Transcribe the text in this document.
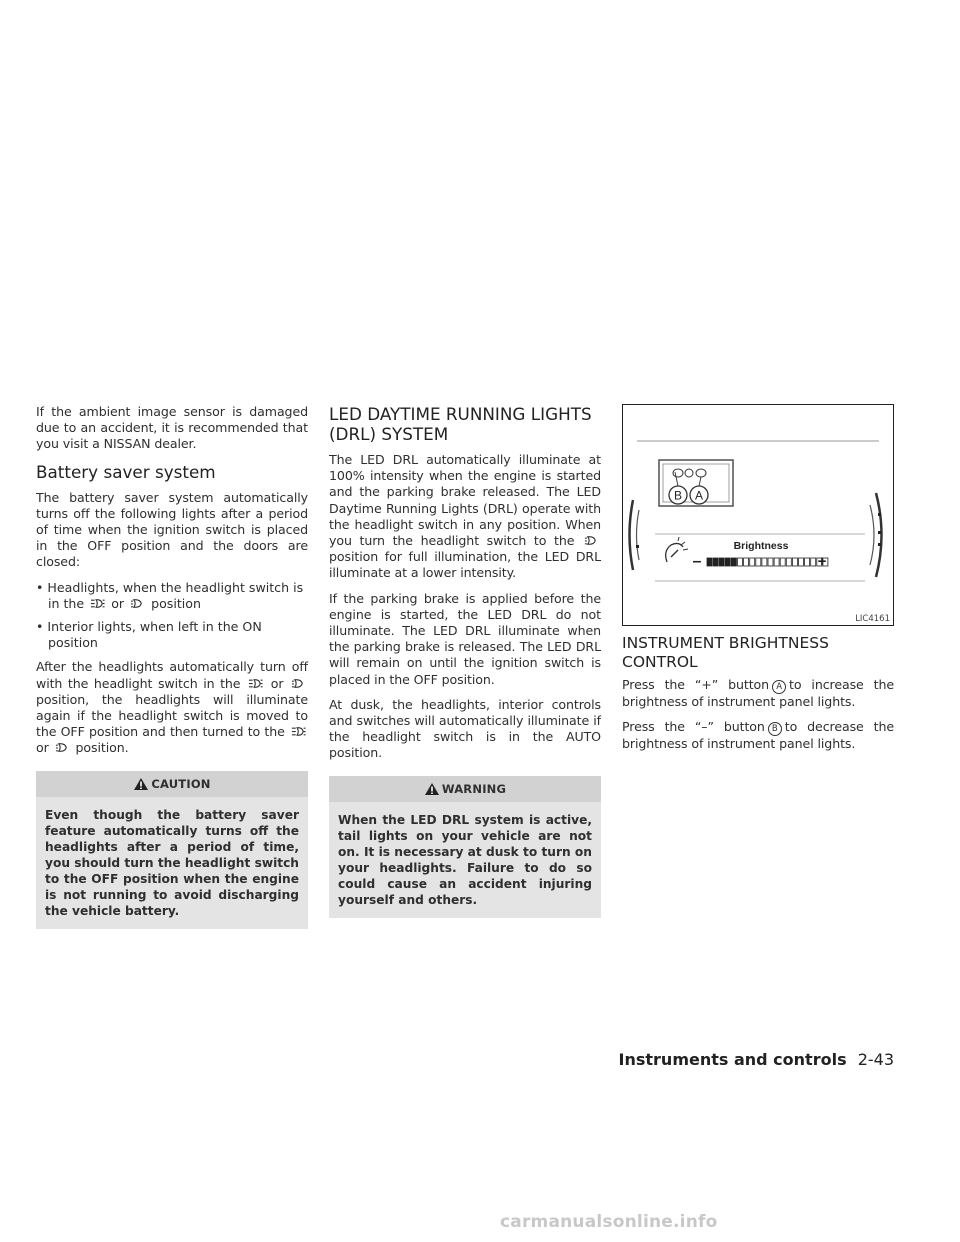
If the ambient image sensor is damaged due to an accident, it is recommended that you visit a NISSAN dealer.

Battery saver system

The battery saver system automatically turns off the following lights after a period of time when the ignition switch is placed in the OFF position and the doors are closed:

• Headlights, when the headlight switch is in the or position
• Interior lights, when left in the ON position

After the headlights automatically turn off with the headlight switch in the or  position, the headlights will illuminate again if the headlight switch is moved to the OFF position and then turned to the  or position.

CAUTION
Even though the battery saver feature automatically turns off the headlights after a period of time, you should turn the headlight switch to the OFF position when the engine is not running to avoid discharging the vehicle battery.
LED DAYTIME RUNNING LIGHTS (DRL) SYSTEM

The LED DRL automatically illuminate at 100% intensity when the engine is started and the parking brake released. The LED Daytime Running Lights (DRL) operate with the headlight switch in any position. When you turn the headlight switch to the  position for full illumination, the LED DRL illuminate at a lower intensity.

If the parking brake is applied before the engine is started, the LED DRL do not illuminate. The LED DRL illuminate when the parking brake is released. The LED DRL will remain on until the ignition switch is placed in the OFF position.

At dusk, the headlights, interior controls and switches will automatically illuminate if the headlight switch is in the AUTO position.

WARNING
When the LED DRL system is active, tail lights on your vehicle are not on. It is necessary at dusk to turn on your headlights. Failure to do so could cause an accident injuring yourself and others.
B A
Brightness
–	+
LIC4161
INSTRUMENT BRIGHTNESS CONTROL

Press the “+” button A to increase the brightness of instrument panel lights.

Press the “–” button B to decrease the brightness of instrument panel lights.

Instruments and controls 2-43
carmanualsonline.info
